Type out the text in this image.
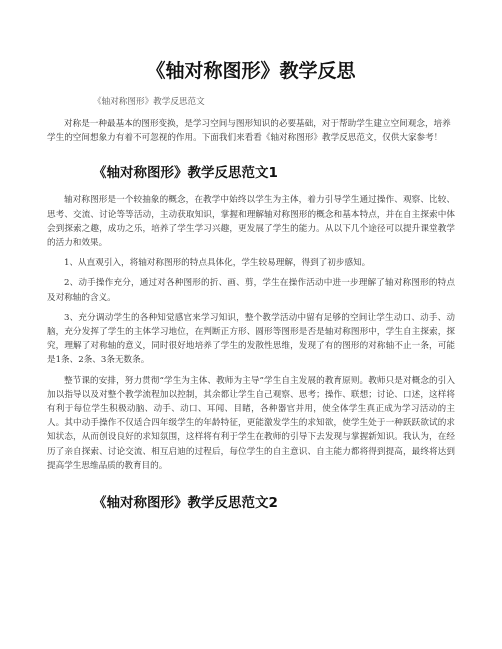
《轴对称图形》教学反思

《轴对称图形》教学反思范文

对称是一种最基本的图形变换，是学习空间与图形知识的必要基础，对于帮助学生建立空间观念，培养学生的空间想象力有着不可忽视的作用。下面我们来看看《轴对称图形》教学反思范文，仅供大家参考！

《轴对称图形》教学反思范文1

轴对称图形是一个较抽象的概念，在教学中始终以学生为主体，着力引导学生通过操作、观察、比较、思考、交流、讨论等等活动，主动获取知识，掌握和理解轴对称图形的概念和基本特点，并在自主探索中体会到探索之趣，成功之乐，培养了学生学习兴趣，更发展了学生的能力。从以下几个途径可以提升课堂教学的活力和效果。

1、从直观引入，将轴对称图形的特点具体化，学生较易理解，得到了初步感知。

2、动手操作充分，通过对各种图形的折、画、剪，学生在操作活动中进一步理解了轴对称图形的特点及对称轴的含义。

3、充分调动学生的各种知觉感官来学习知识，整个教学活动中留有足够的空间让学生动口、动手、动脑，充分发挥了学生的主体学习地位，在判断正方形、圆形等图形是否是轴对称图形中，学生自主探索，探究，理解了对称轴的意义，同时很好地培养了学生的发散性思维，发现了有的图形的对称轴不止一条，可能是1条、2条、3条无数条。

整节课的安排，努力贯彻“学生为主体、教师为主导”学生自主发展的教育原则。教师只是对概念的引入加以指导以及对整个教学流程加以控制，其余都让学生自己观察、思考；操作、联想；讨论、口述，这样将有利于每位学生积极动脑、动手、动口、耳闻、目睹，各种器官并用，使全体学生真正成为学习活动的主人。其中动手操作不仅适合四年级学生的年龄特征，更能激发学生的求知欲，使学生处于一种跃跃欲试的求知状态，从而创设良好的求知氛围，这样将有利于学生在教师的引导下去发现与掌握新知识。我认为，在经历了亲自探索、讨论交流、相互启迪的过程后，每位学生的自主意识、自主能力都将得到提高，最终将达到提高学生思维品质的教育目的。

《轴对称图形》教学反思范文2
